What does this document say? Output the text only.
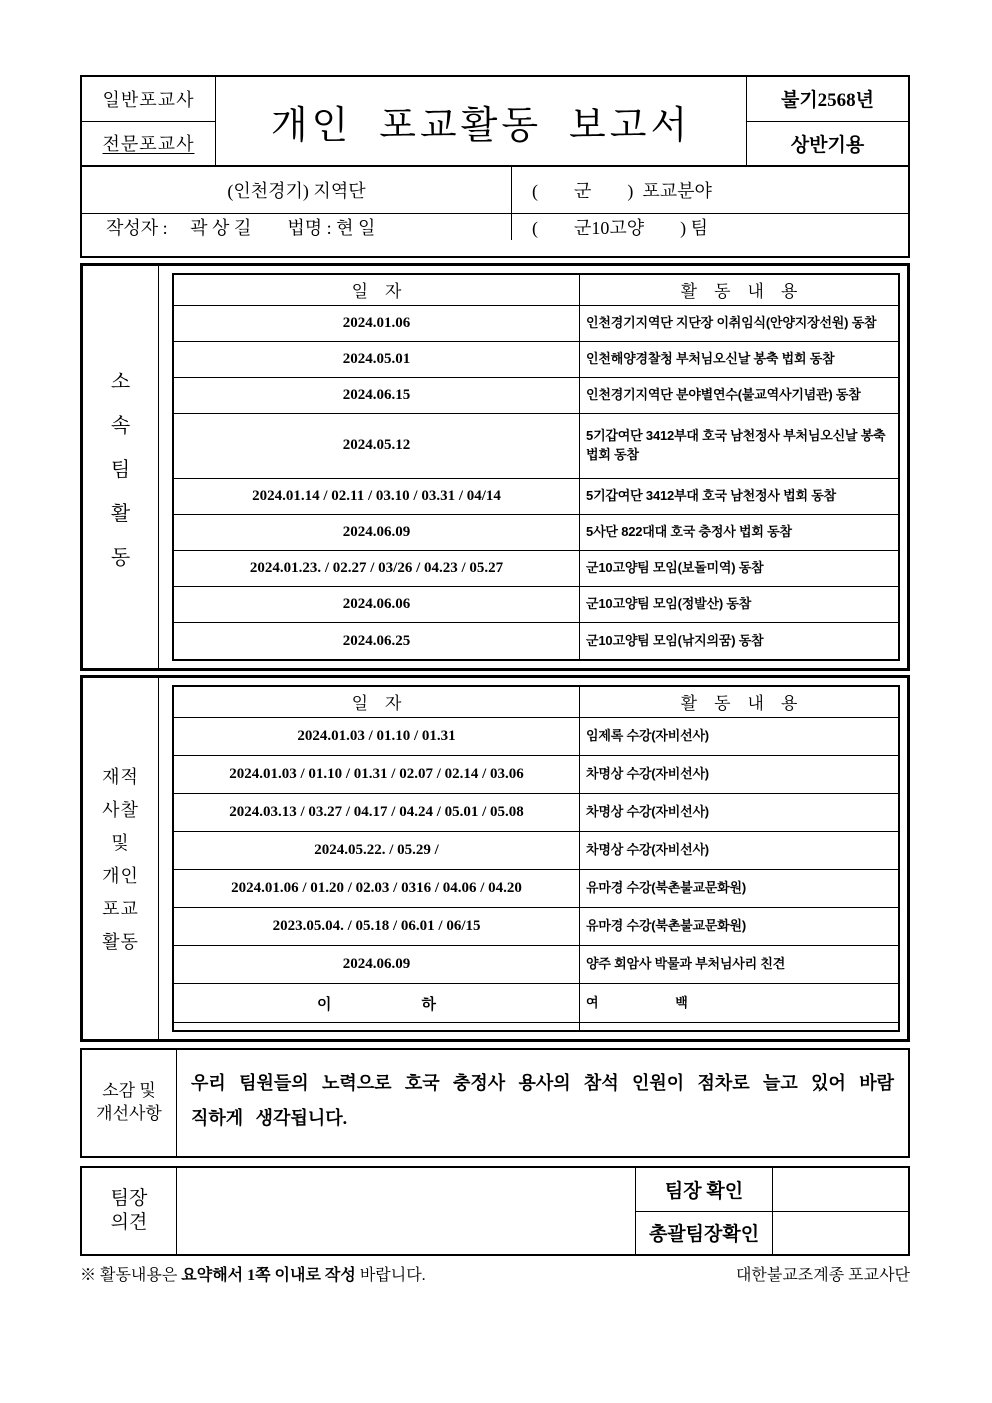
일반포교사
전문포교사	개인  포교활동  보고서
불기2568년
상반기용
(인천경기) 지역단	(　　군　　)  포교분야
작성자 :　 곽 상 길　　법명 : 현 일	(　　군10고양　　) 팀
소
속
팀
활
동
일　자	활　동　내　용
2024.01.06	인천경기지역단 지단장 이취임식(안양지장선원) 동참
2024.05.01	인천해양경찰청 부처님오신날 봉축 법회 동참
2024.06.15	인천경기지역단 분야별연수(불교역사기념관) 동참
2024.05.12	5기갑여단 3412부대 호국 남천정사 부처님오신날 봉축 법회 동참
2024.01.14 / 02.11 / 03.10 / 03.31 / 04/14	5기갑여단 3412부대 호국 남천정사 법회 동참
2024.06.09	5사단 822대대 호국 충정사 법회 동참
2024.01.23. / 02.27 / 03/26 / 04.23 / 05.27	군10고양팀 모임(보돌미역) 동참
2024.06.06	군10고양팀 모임(정발산) 동참
2024.06.25	군10고양팀 모임(낚지의꿈) 동참
재적
사찰
및
개인
포교
활동
일　자	활　동　내　용
2024.01.03 / 01.10 / 01.31	임제록 수강(자비선사)
2024.01.03 / 01.10 / 01.31 / 02.07 / 02.14 / 03.06	차명상 수강(자비선사)
2024.03.13 / 03.27 / 04.17 / 04.24 / 05.01 / 05.08	차명상 수강(자비선사)
2024.05.22. / 05.29 /	차명상 수강(자비선사)
2024.01.06 / 01.20 / 02.03 / 0316 / 04.06 / 04.20	유마경 수강(북촌불교문화원)
2023.05.04. / 05.18 / 06.01 / 06/15	유마경 수강(북촌불교문화원)
2024.06.09	양주 회암사 박물과 부처님사리 친견
이　　　　　　하	여　　　　　　백

소감 및
개선사항
우리 팀원들의 노력으로 호국 충정사 용사의 참석 인원이 점차로 늘고 있어 바람직하게 생각됩니다.
팀장
의견
팀장 확인
총괄팀장확인
※ 활동내용은 요약해서 1쪽 이내로 작성 바랍니다.	대한불교조계종 포교사단
